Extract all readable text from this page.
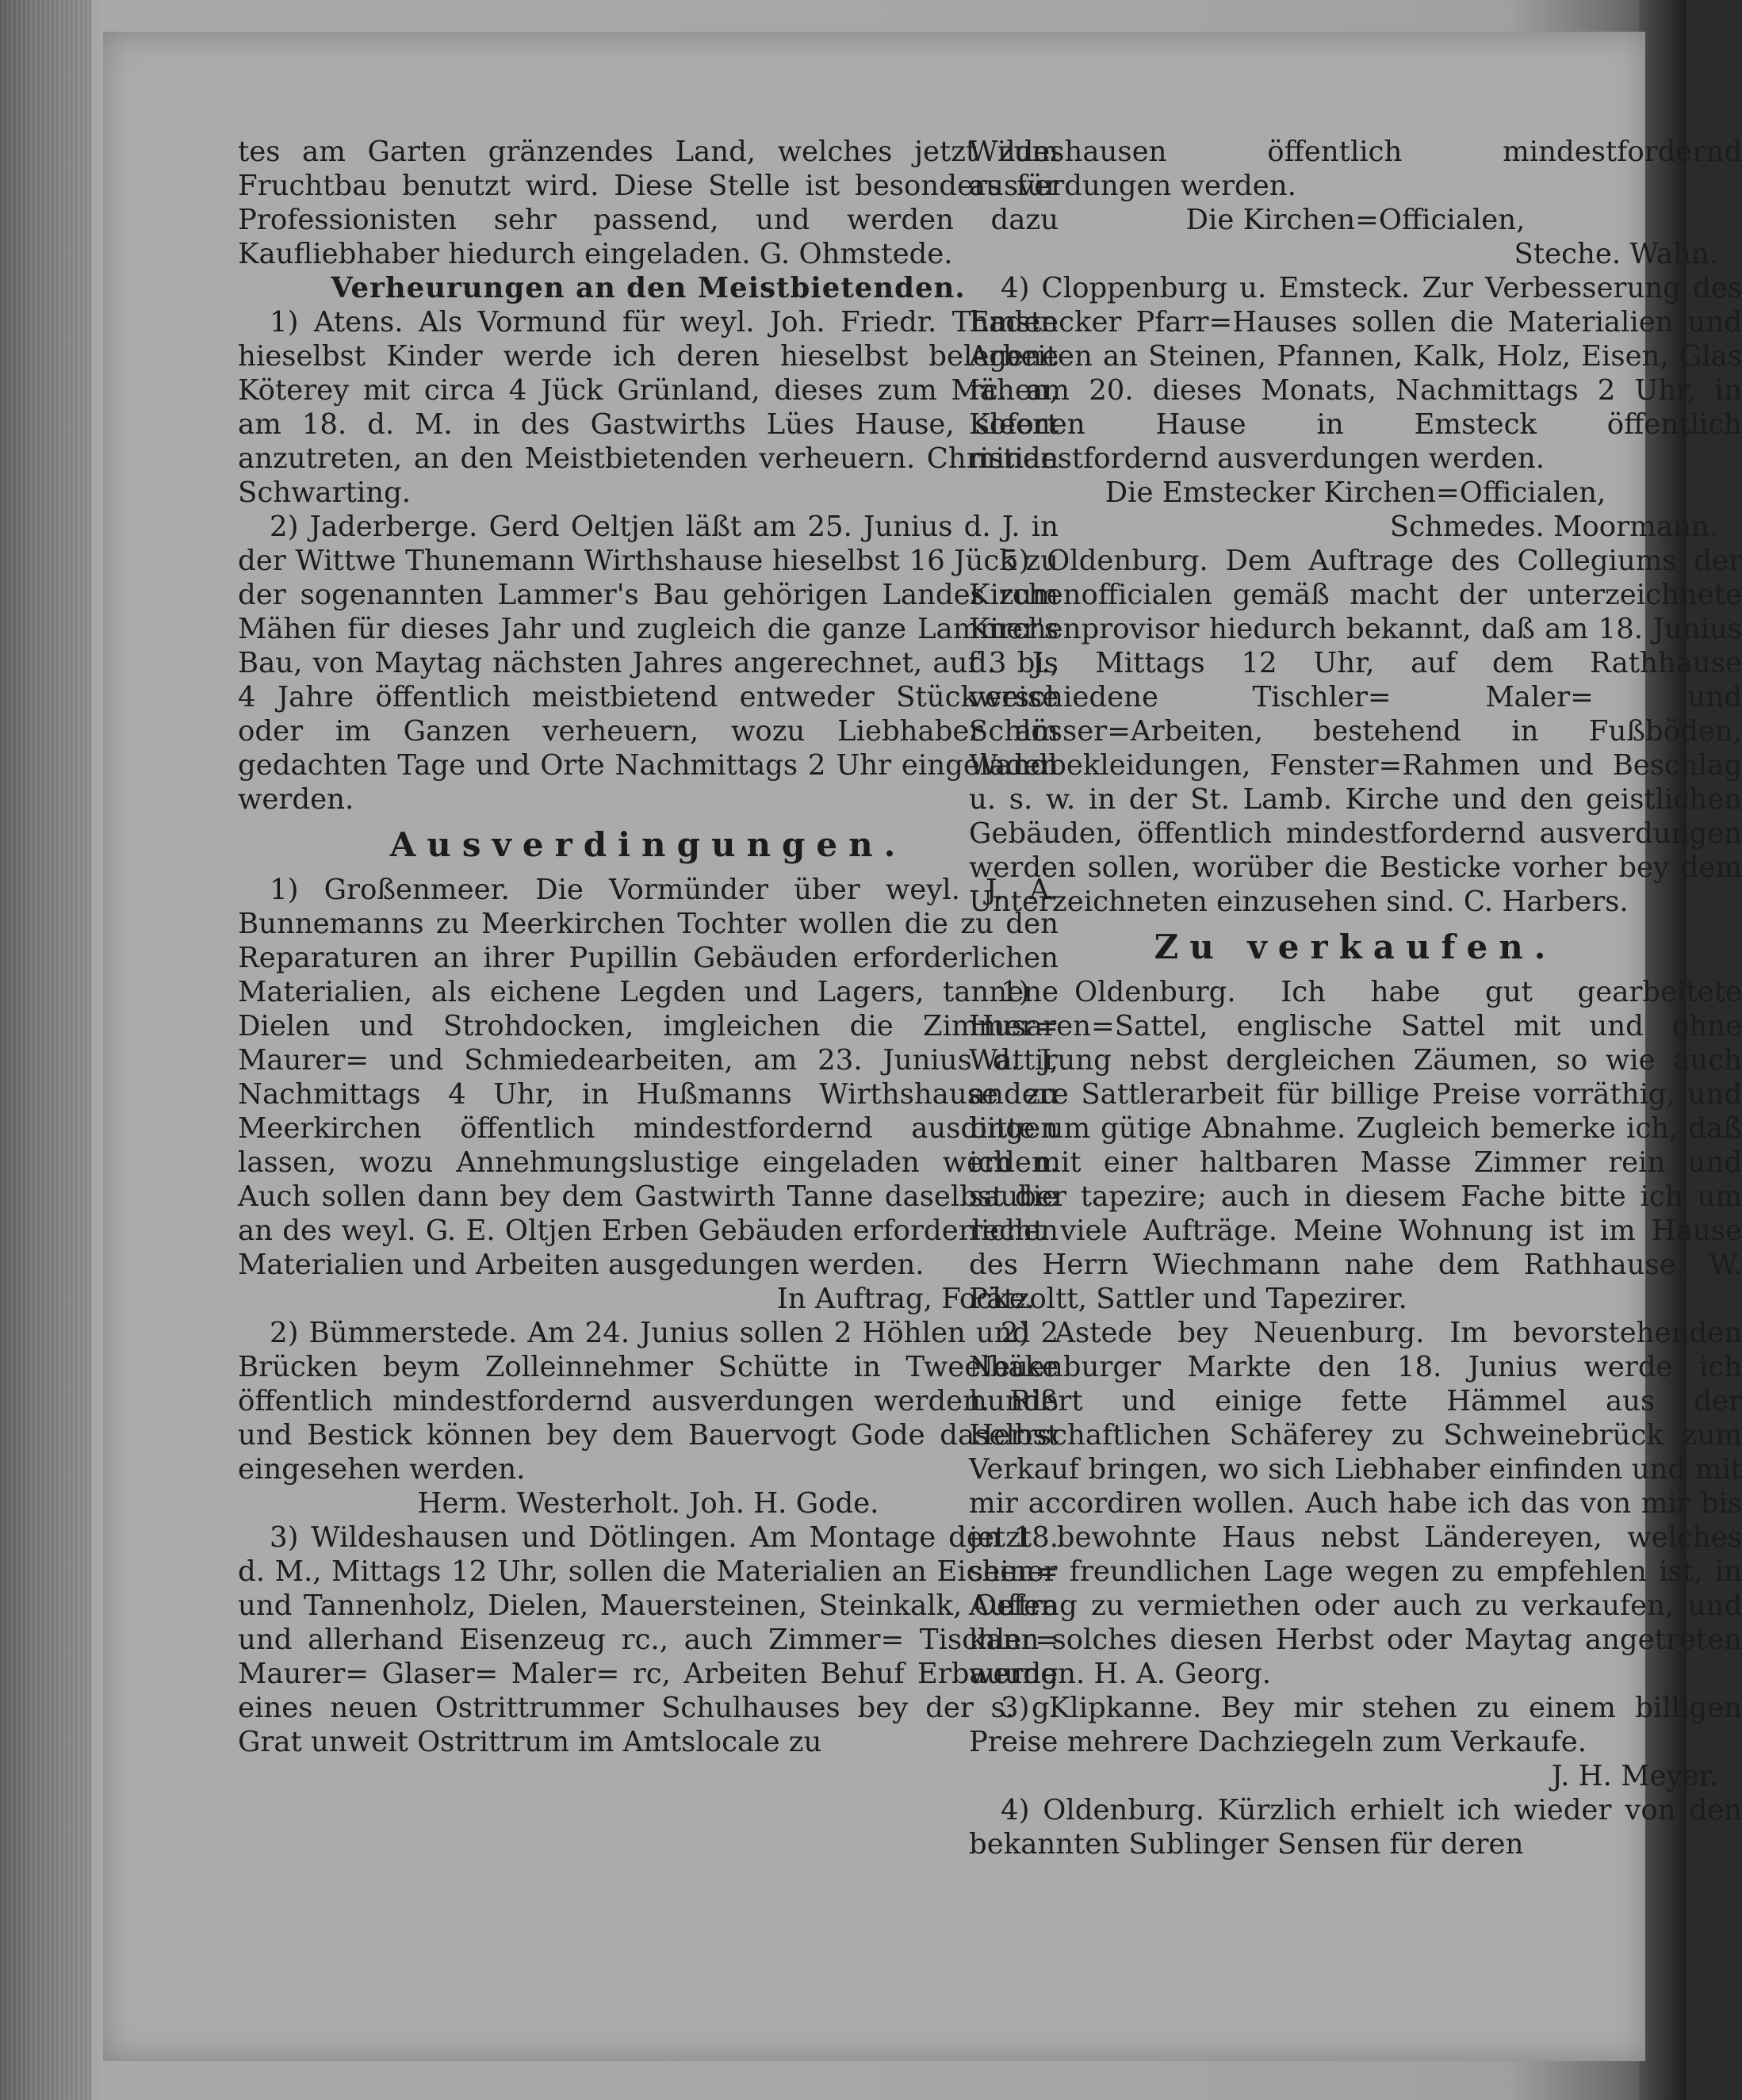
tes am Garten gränzendes Land, welches jetzt zum Fruchtbau benutzt wird. Diese Stelle ist besonders für Professionisten sehr passend, und werden dazu Kaufliebhaber hiedurch eingeladen. G. Ohmstede.

Verheurungen an den Meistbietenden.

1) Atens. Als Vormund für weyl. Joh. Friedr. Thaden hieselbst Kinder werde ich deren hieselbst belegene Köterey mit circa 4 Jück Grünland, dieses zum Mähen, am 18. d. M. in des Gastwirths Lües Hause, sofort anzutreten, an den Meistbietenden verheuern. Christian Schwarting.

2) Jaderberge. Gerd Oeltjen läßt am 25. Junius d. J. in der Wittwe Thunemann Wirthshause hieselbst 16 Jück zu der sogenannten Lammer's Bau gehörigen Landes zum Mähen für dieses Jahr und zugleich die ganze Lammer's Bau, von Maytag nächsten Jahres angerechnet, auf 3 bis 4 Jahre öffentlich meistbietend entweder Stückweise oder im Ganzen verheuern, wozu Liebhaber am gedachten Tage und Orte Nachmittags 2 Uhr eingeladen werden.

Ausverdingungen.

1) Großenmeer. Die Vormünder über weyl. J. A. Bunnemanns zu Meerkirchen Tochter wollen die zu den Reparaturen an ihrer Pupillin Gebäuden erforderlichen Materialien, als eichene Legden und Lagers, tannene Dielen und Strohdocken, imgleichen die Zimmer= Maurer= und Schmiedearbeiten, am 23. Junius d. J, Nachmittags 4 Uhr, in Hußmanns Wirthshause zu Meerkirchen öffentlich mindestfordernd ausdingen lassen, wozu Annehmungslustige eingeladen werden. Auch sollen dann bey dem Gastwirth Tanne daselbst die an des weyl. G. E. Oltjen Erben Gebäuden erforderlichen Materialien und Arbeiten ausgedungen werden.

In Auftrag, Focke.

2) Bümmerstede. Am 24. Junius sollen 2 Höhlen und 2 Brücken beym Zolleinnehmer Schütte in Tweelbäke öffentlich mindestfordernd ausverdungen werden. Riß und Bestick können bey dem Bauervogt Gode daselbst eingesehen werden.

Herm. Westerholt. Joh. H. Gode.

3) Wildeshausen und Dötlingen. Am Montage den 18. d. M., Mittags 12 Uhr, sollen die Materialien an Eichen= und Tannenholz, Dielen, Mauersteinen, Steinkalk, Oefen und allerhand Eisenzeug rc., auch Zimmer= Tischler= Maurer= Glaser= Maler= rc, Arbeiten Behuf Erbauung eines neuen Ostrittrummer Schulhauses bey der s. g. Grat unweit Ostrittrum im Amtslocale zu

Wildeshausen öffentlich mindestfordernd ausverdungen werden.

Die Kirchen=Officialen,

Steche. Wahn.

4) Cloppenburg u. Emsteck. Zur Verbesserung des Emstecker Pfarr=Hauses sollen die Materialien und Arbeiten an Steinen, Pfannen, Kalk, Holz, Eisen, Glas rc. am 20. dieses Monats, Nachmittags 2 Uhr, in Kleenen Hause in Emsteck öffentlich mindestfordernd ausverdungen werden.

Die Emstecker Kirchen=Officialen,

Schmedes. Moormann.

5) Oldenburg. Dem Auftrage des Collegiums der Kirchenofficialen gemäß macht der unterzeichnete Kirchenprovisor hiedurch bekannt, daß am 18. Junius d. J., Mittags 12 Uhr, auf dem Rathhause verschiedene Tischler= Maler= und Schlösser=Arbeiten, bestehend in Fußböden, Wandbekleidungen, Fenster=Rahmen und Beschlag u. s. w. in der St. Lamb. Kirche und den geistlichen Gebäuden, öffentlich mindestfordernd ausverdungen werden sollen, worüber die Besticke vorher bey dem Unterzeichneten einzusehen sind. C. Harbers.

Zu verkaufen.

1) Oldenburg. Ich habe gut gearbeitete Husaren=Sattel, englische Sattel mit und ohne Wattirung nebst dergleichen Zäumen, so wie auch andere Sattlerarbeit für billige Preise vorräthig, und bitte um gütige Abnahme. Zugleich bemerke ich, daß ich mit einer haltbaren Masse Zimmer rein und sauber tapezire; auch in diesem Fache bitte ich um recht viele Aufträge. Meine Wohnung ist im Hause des Herrn Wiechmann nahe dem Rathhause. W. Pätzoltt, Sattler und Tapezirer.

2) Astede bey Neuenburg. Im bevorstehenden Neuenburger Markte den 18. Junius werde ich hundert und einige fette Hämmel aus der Herrschaftlichen Schäferey zu Schweinebrück zum Verkauf bringen, wo sich Liebhaber einfinden und mit mir accordiren wollen. Auch habe ich das von mir bis jetzt bewohnte Haus nebst Ländereyen, welches seiner freundlichen Lage wegen zu empfehlen ist, in Auftrag zu vermiethen oder auch zu verkaufen, und kann solches diesen Herbst oder Maytag angetreten werden. H. A. Georg.

3) Klipkanne. Bey mir stehen zu einem billigen Preise mehrere Dachziegeln zum Verkaufe.

J. H. Meyer.

4) Oldenburg. Kürzlich erhielt ich wieder von den bekannten Sublinger Sensen für deren
